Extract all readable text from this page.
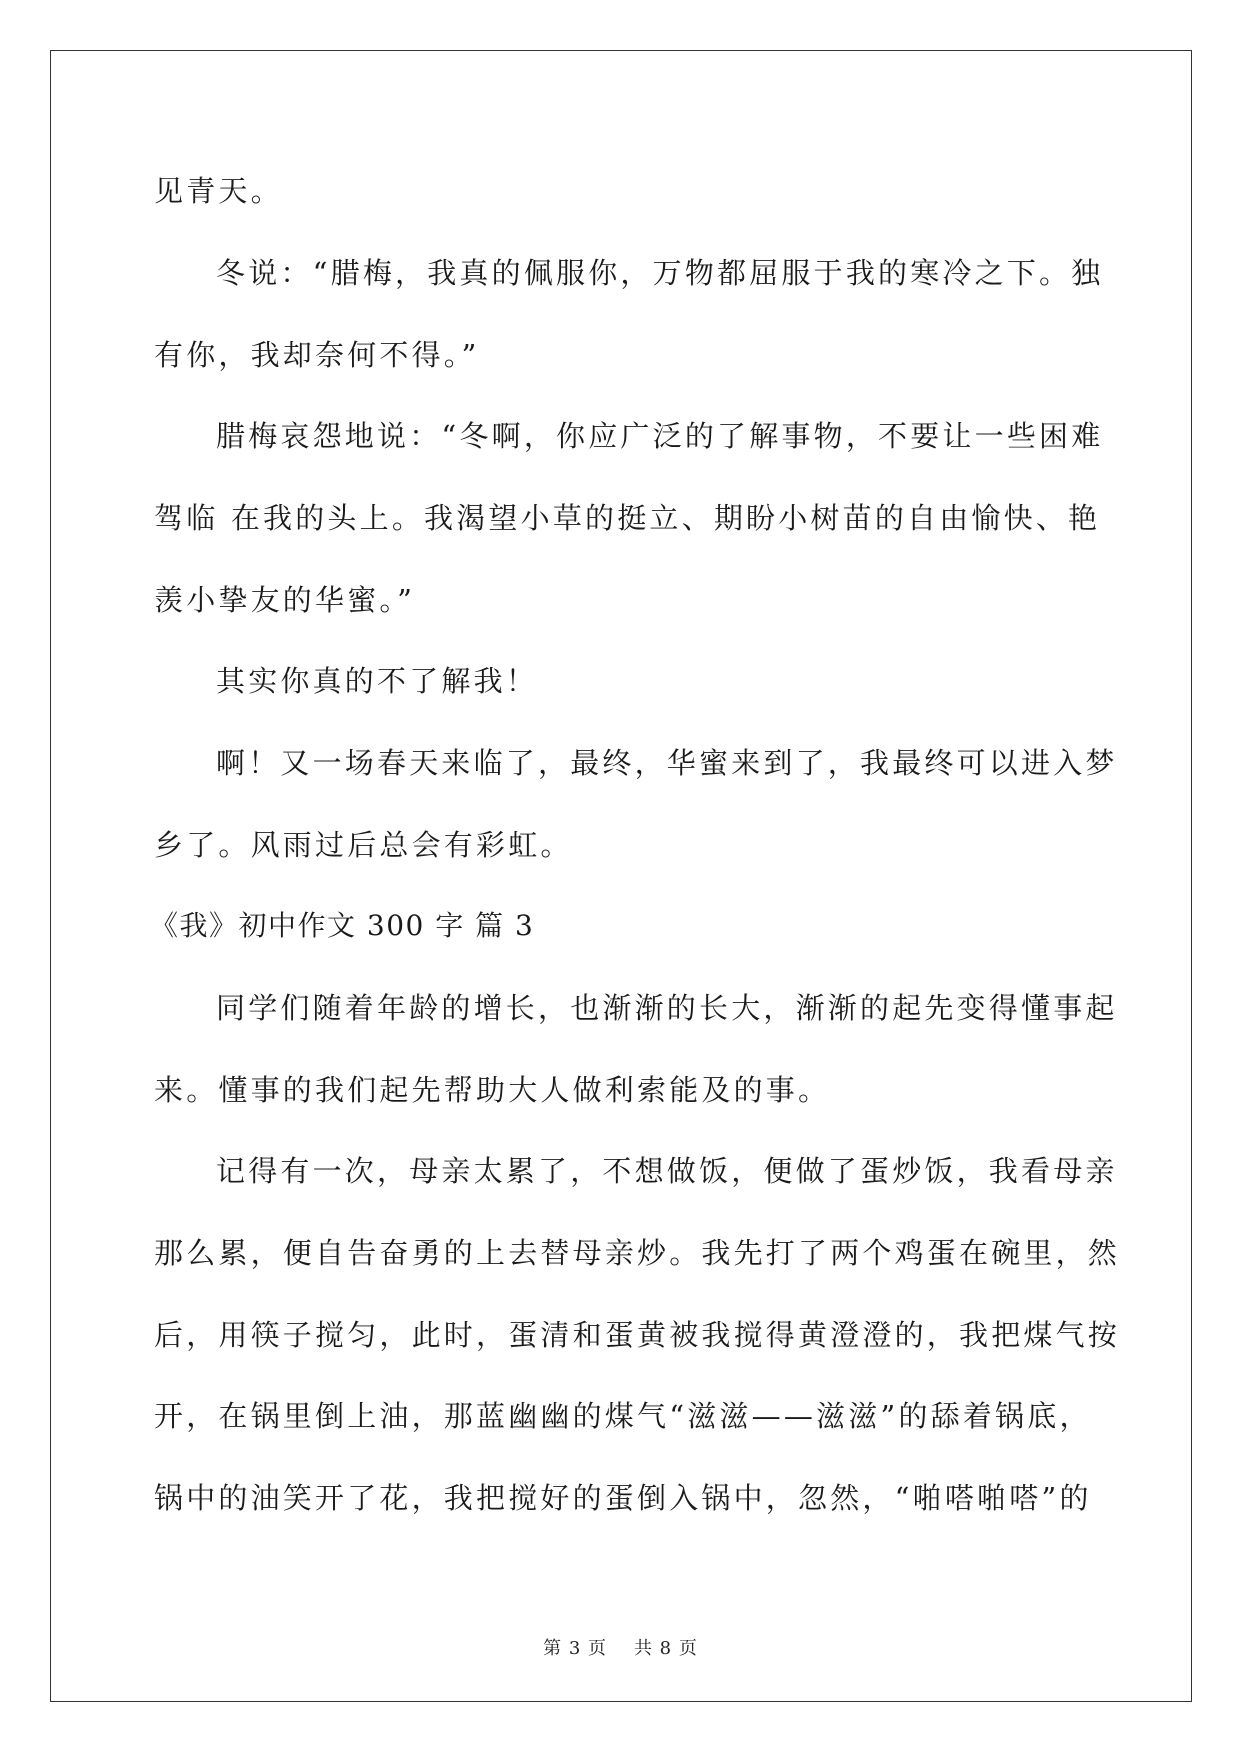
见青天。
冬说：“腊梅，我真的佩服你，万物都屈服于我的寒冷之下。独
有你，我却奈何不得。”
腊梅哀怨地说：“冬啊，你应广泛的了解事物，不要让一些困难
驾临 在我的头上。我渴望小草的挺立、期盼小树苗的自由愉快、艳
羡小挚友的华蜜。”
其实你真的不了解我！
啊！又一场春天来临了，最终，华蜜来到了，我最终可以进入梦
乡了。风雨过后总会有彩虹。
《我》初中作文 300 字 篇 3
同学们随着年龄的增长，也渐渐的长大，渐渐的起先变得懂事起
来。懂事的我们起先帮助大人做利索能及的事。
记得有一次，母亲太累了，不想做饭，便做了蛋炒饭，我看母亲
那么累，便自告奋勇的上去替母亲炒。我先打了两个鸡蛋在碗里，然
后，用筷子搅匀，此时，蛋清和蛋黄被我搅得黄澄澄的，我把煤气按
开，在锅里倒上油，那蓝幽幽的煤气“滋滋——滋滋”的舔着锅底，
锅中的油笑开了花，我把搅好的蛋倒入锅中，忽然，“啪嗒啪嗒”的
第 3 页 共 8 页
